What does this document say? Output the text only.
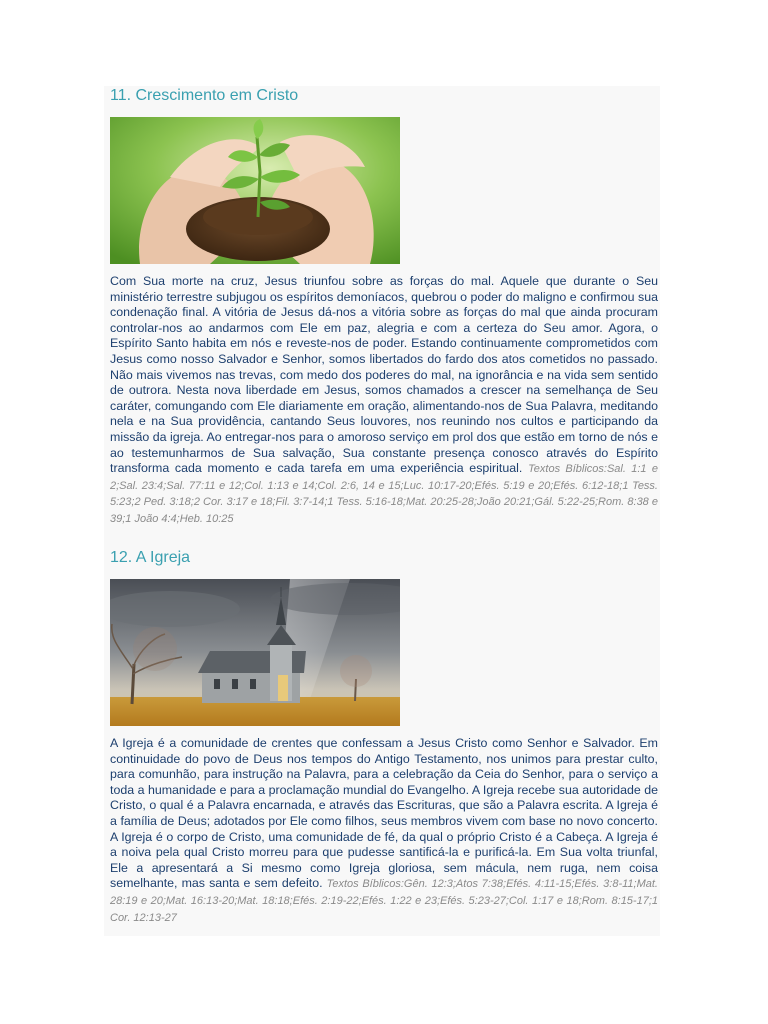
11. Crescimento em Cristo
Com Sua morte na cruz, Jesus triunfou sobre as forças do mal. Aquele que durante o Seu ministério terrestre subjugou os espíritos demoníacos, quebrou o poder do maligno e confirmou sua condenação final. A vitória de Jesus dá-nos a vitória sobre as forças do mal que ainda procuram controlar-nos ao andarmos com Ele em paz, alegria e com a certeza do Seu amor. Agora, o Espírito Santo habita em nós e reveste-nos de poder. Estando continuamente comprometidos com Jesus como nosso Salvador e Senhor, somos libertados do fardo dos atos cometidos no passado. Não mais vivemos nas trevas, com medo dos poderes do mal, na ignorância e na vida sem sentido de outrora. Nesta nova liberdade em Jesus, somos chamados a crescer na semelhança de Seu caráter, comungando com Ele diariamente em oração, alimentando-nos de Sua Palavra, meditando nela e na Sua providência, cantando Seus louvores, nos reunindo nos cultos e participando da missão da igreja. Ao entregar-nos para o amoroso serviço em prol dos que estão em torno de nós e ao testemunharmos de Sua salvação, Sua constante presença conosco através do Espírito transforma cada momento e cada tarefa em uma experiência espiritual. Textos Bíblicos:Sal. 1:1 e 2;Sal. 23:4;Sal. 77:11 e 12;Col. 1:13 e 14;Col. 2:6, 14 e 15;Luc. 10:17-20;Efés. 5:19 e 20;Efés. 6:12-18;1 Tess. 5:23;2 Ped. 3:18;2 Cor. 3:17 e 18;Fil. 3:7-14;1 Tess. 5:16-18;Mat. 20:25-28;João 20:21;Gál. 5:22-25;Rom. 8:38 e 39;1 João 4:4;Heb. 10:25
12. A Igreja
A Igreja é a comunidade de crentes que confessam a Jesus Cristo como Senhor e Salvador. Em continuidade do povo de Deus nos tempos do Antigo Testamento, nos unimos para prestar culto, para comunhão, para instrução na Palavra, para a celebração da Ceia do Senhor, para o serviço a toda a humanidade e para a proclamação mundial do Evangelho. A Igreja recebe sua autoridade de Cristo, o qual é a Palavra encarnada, e através das Escrituras, que são a Palavra escrita. A Igreja é a família de Deus; adotados por Ele como filhos, seus membros vivem com base no novo concerto. A Igreja é o corpo de Cristo, uma comunidade de fé, da qual o próprio Cristo é a Cabeça. A Igreja é a noiva pela qual Cristo morreu para que pudesse santificá-la e purificá-la. Em Sua volta triunfal, Ele a apresentará a Si mesmo como Igreja gloriosa, sem mácula, nem ruga, nem coisa semelhante, mas santa e sem defeito. Textos Bíblicos:Gên. 12:3;Atos 7:38;Efés. 4:11-15;Efés. 3:8-11;Mat. 28:19 e 20;Mat. 16:13-20;Mat. 18:18;Efés. 2:19-22;Efés. 1:22 e 23;Efés. 5:23-27;Col. 1:17 e 18;Rom. 8:15-17;1 Cor. 12:13-27
